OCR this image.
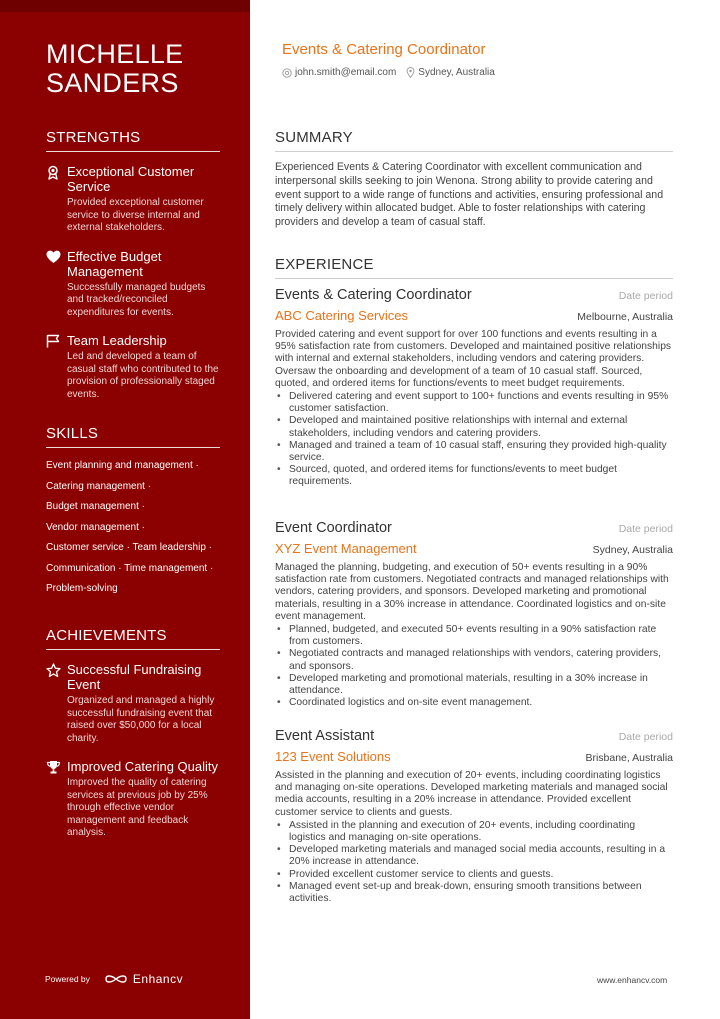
MICHELLE SANDERS
STRENGTHS
Exceptional Customer Service
Provided exceptional customer service to diverse internal and external stakeholders.
Effective Budget Management
Successfully managed budgets and tracked/reconciled expenditures for events.
Team Leadership
Led and developed a team of casual staff who contributed to the provision of professionally staged events.
SKILLS
Event planning and management ·
Catering management ·
Budget management ·
Vendor management ·
Customer service · Team leadership ·
Communication · Time management ·
Problem-solving
ACHIEVEMENTS
Successful Fundraising Event
Organized and managed a highly successful fundraising event that raised over $50,000 for a local charity.
Improved Catering Quality
Improved the quality of catering services at previous job by 25% through effective vendor management and feedback analysis.
Powered by	Enhancv
Events & Catering Coordinator
john.smith@email.com Sydney, Australia
SUMMARY
Experienced Events & Catering Coordinator with excellent communication and interpersonal skills seeking to join Wenona. Strong ability to provide catering and event support to a wide range of functions and activities, ensuring professional and timely delivery within allocated budget. Able to foster relationships with catering providers and develop a team of casual staff.
EXPERIENCE
Events & Catering Coordinator	Date period
ABC Catering Services	Melbourne, Australia
Provided catering and event support for over 100 functions and events resulting in a 95% satisfaction rate from customers. Developed and maintained positive relationships with internal and external stakeholders, including vendors and catering providers. Oversaw the onboarding and development of a team of 10 casual staff. Sourced, quoted, and ordered items for functions/events to meet budget requirements.
• Delivered catering and event support to 100+ functions and events resulting in 95% customer satisfaction.
• Developed and maintained positive relationships with internal and external stakeholders, including vendors and catering providers.
• Managed and trained a team of 10 casual staff, ensuring they provided high-quality service.
• Sourced, quoted, and ordered items for functions/events to meet budget requirements.
Event Coordinator	Date period
XYZ Event Management	Sydney, Australia
Managed the planning, budgeting, and execution of 50+ events resulting in a 90% satisfaction rate from customers. Negotiated contracts and managed relationships with vendors, catering providers, and sponsors. Developed marketing and promotional materials, resulting in a 30% increase in attendance. Coordinated logistics and on-site event management.
• Planned, budgeted, and executed 50+ events resulting in a 90% satisfaction rate from customers.
• Negotiated contracts and managed relationships with vendors, catering providers, and sponsors.
• Developed marketing and promotional materials, resulting in a 30% increase in attendance.
• Coordinated logistics and on-site event management.
Event Assistant	Date period
123 Event Solutions	Brisbane, Australia
Assisted in the planning and execution of 20+ events, including coordinating logistics and managing on-site operations. Developed marketing materials and managed social media accounts, resulting in a 20% increase in attendance. Provided excellent customer service to clients and guests.
• Assisted in the planning and execution of 20+ events, including coordinating logistics and managing on-site operations.
• Developed marketing materials and managed social media accounts, resulting in a 20% increase in attendance.
• Provided excellent customer service to clients and guests.
• Managed event set-up and break-down, ensuring smooth transitions between activities.
www.enhancv.com
